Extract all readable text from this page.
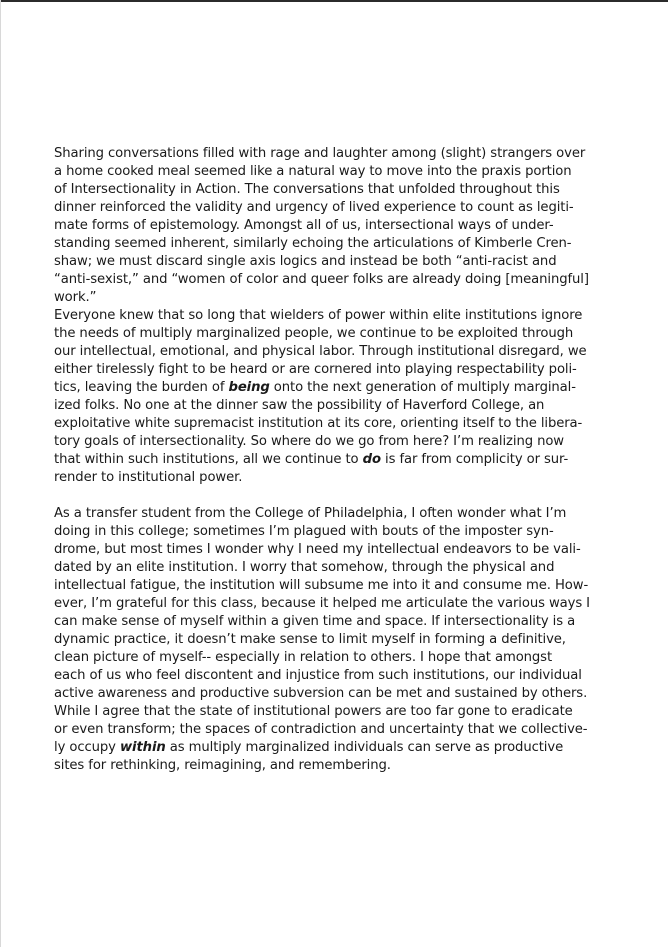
Sharing conversations filled with rage and laughter among (slight) strangers over
a home cooked meal seemed like a natural way to move into the praxis portion
of Intersectionality in Action. The conversations that unfolded throughout this
dinner reinforced the validity and urgency of lived experience to count as legiti-
mate forms of epistemology. Amongst all of us, intersectional ways of under-
standing seemed inherent, similarly echoing the articulations of Kimberle Cren-
shaw; we must discard single axis logics and instead be both “anti-racist and
“anti-sexist,” and “women of color and queer folks are already doing [meaningful]
work.”
Everyone knew that so long that wielders of power within elite institutions ignore
the needs of multiply marginalized people, we continue to be exploited through
our intellectual, emotional, and physical labor. Through institutional disregard, we
either tirelessly fight to be heard or are cornered into playing respectability poli-
tics, leaving the burden of being onto the next generation of multiply marginal-
ized folks. No one at the dinner saw the possibility of Haverford College, an
exploitative white supremacist institution at its core, orienting itself to the libera-
tory goals of intersectionality. So where do we go from here? I’m realizing now
that within such institutions, all we continue to do is far from complicity or sur-
render to institutional power.
As a transfer student from the College of Philadelphia, I often wonder what I’m
doing in this college; sometimes I’m plagued with bouts of the imposter syn-
drome, but most times I wonder why I need my intellectual endeavors to be vali-
dated by an elite institution. I worry that somehow, through the physical and
intellectual fatigue, the institution will subsume me into it and consume me. How-
ever, I’m grateful for this class, because it helped me articulate the various ways I
can make sense of myself within a given time and space. If intersectionality is a
dynamic practice, it doesn’t make sense to limit myself in forming a definitive,
clean picture of myself-- especially in relation to others. I hope that amongst
each of us who feel discontent and injustice from such institutions, our individual
active awareness and productive subversion can be met and sustained by others.
While I agree that the state of institutional powers are too far gone to eradicate
or even transform; the spaces of contradiction and uncertainty that we collective-
ly occupy within as multiply marginalized individuals can serve as productive
sites for rethinking, reimagining, and remembering.
